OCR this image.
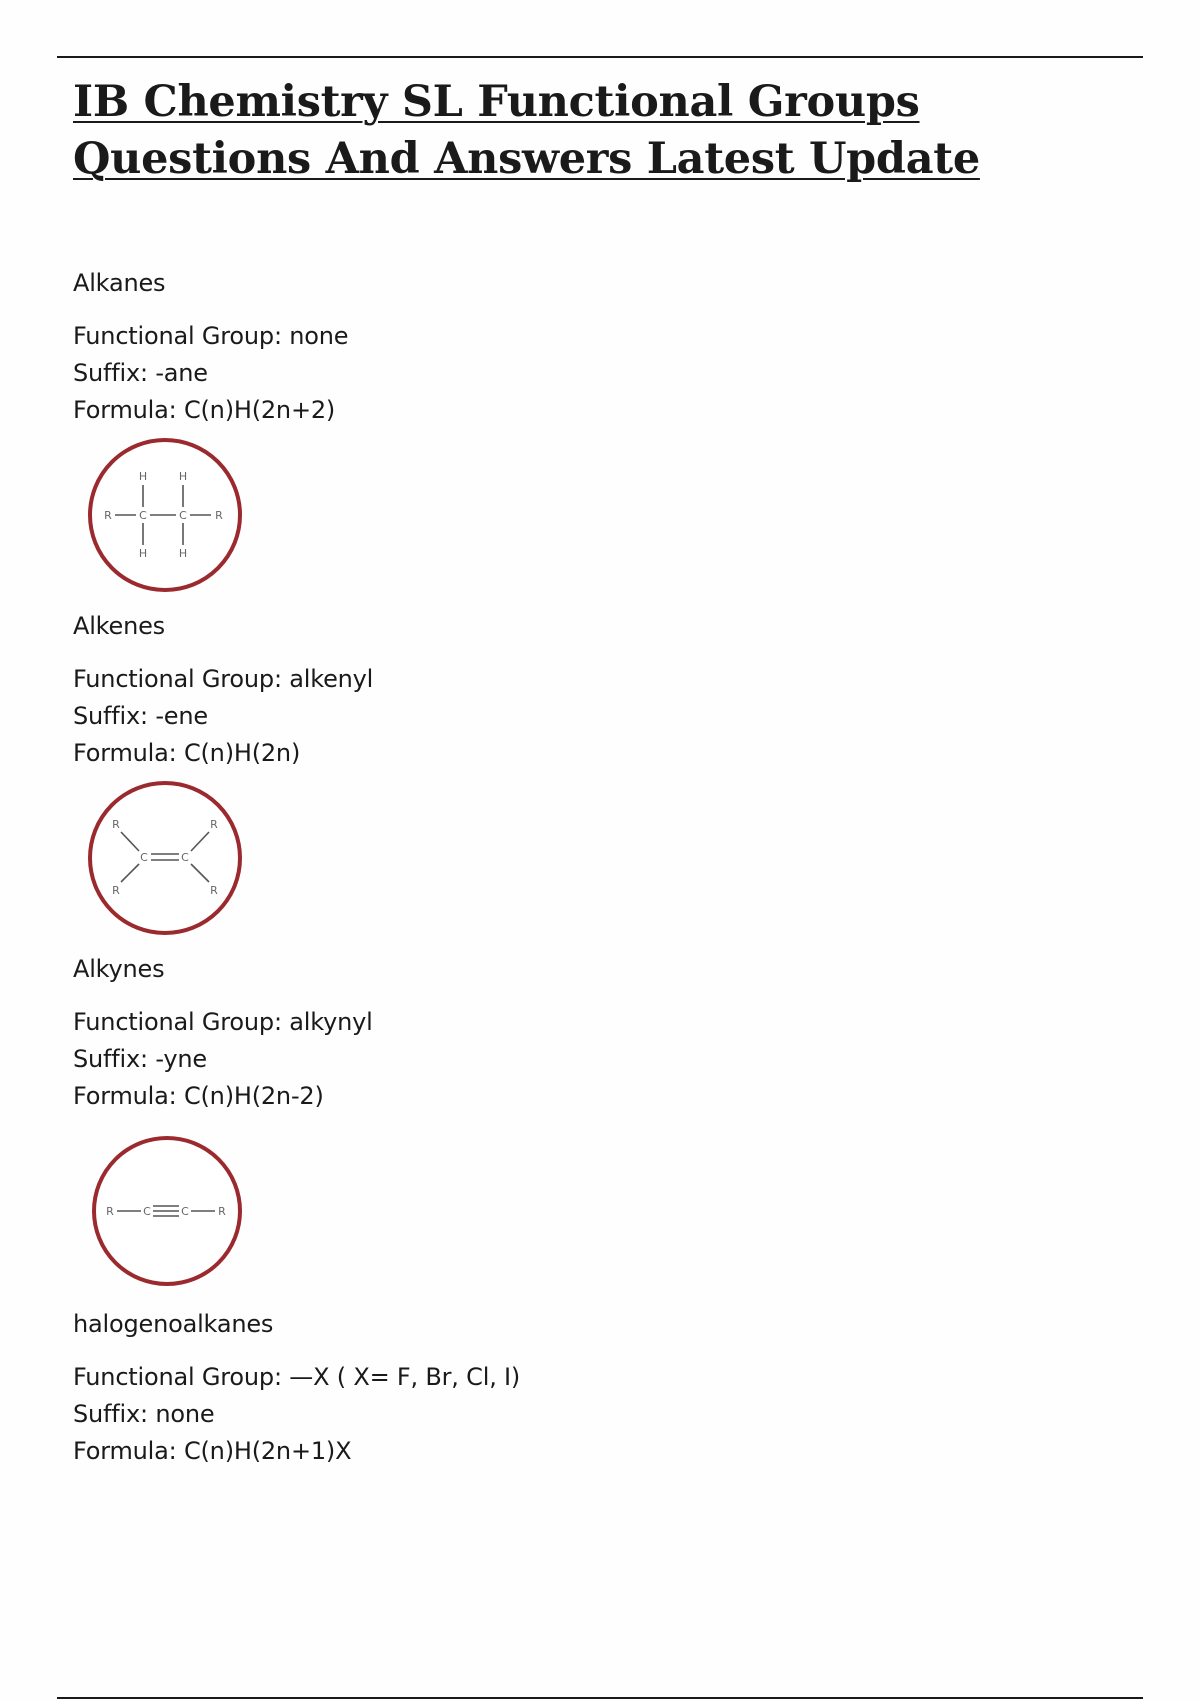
IB Chemistry SL Functional Groups Questions And Answers Latest Update

Alkanes

Functional Group: none

Suffix: -ane

Formula: C(n)H(2n+2)

R C	C	R
H	H
H	H

Alkenes

Functional Group: alkenyl

Suffix: -ene

Formula: C(n)H(2n)

C	C
R
R
R
R

Alkynes

Functional Group: alkynyl

Suffix: -yne

Formula: C(n)H(2n-2)

R	C	C	R

halogenoalkanes

Functional Group: —X ( X= F, Br, Cl, I)

Suffix: none

Formula: C(n)H(2n+1)X
